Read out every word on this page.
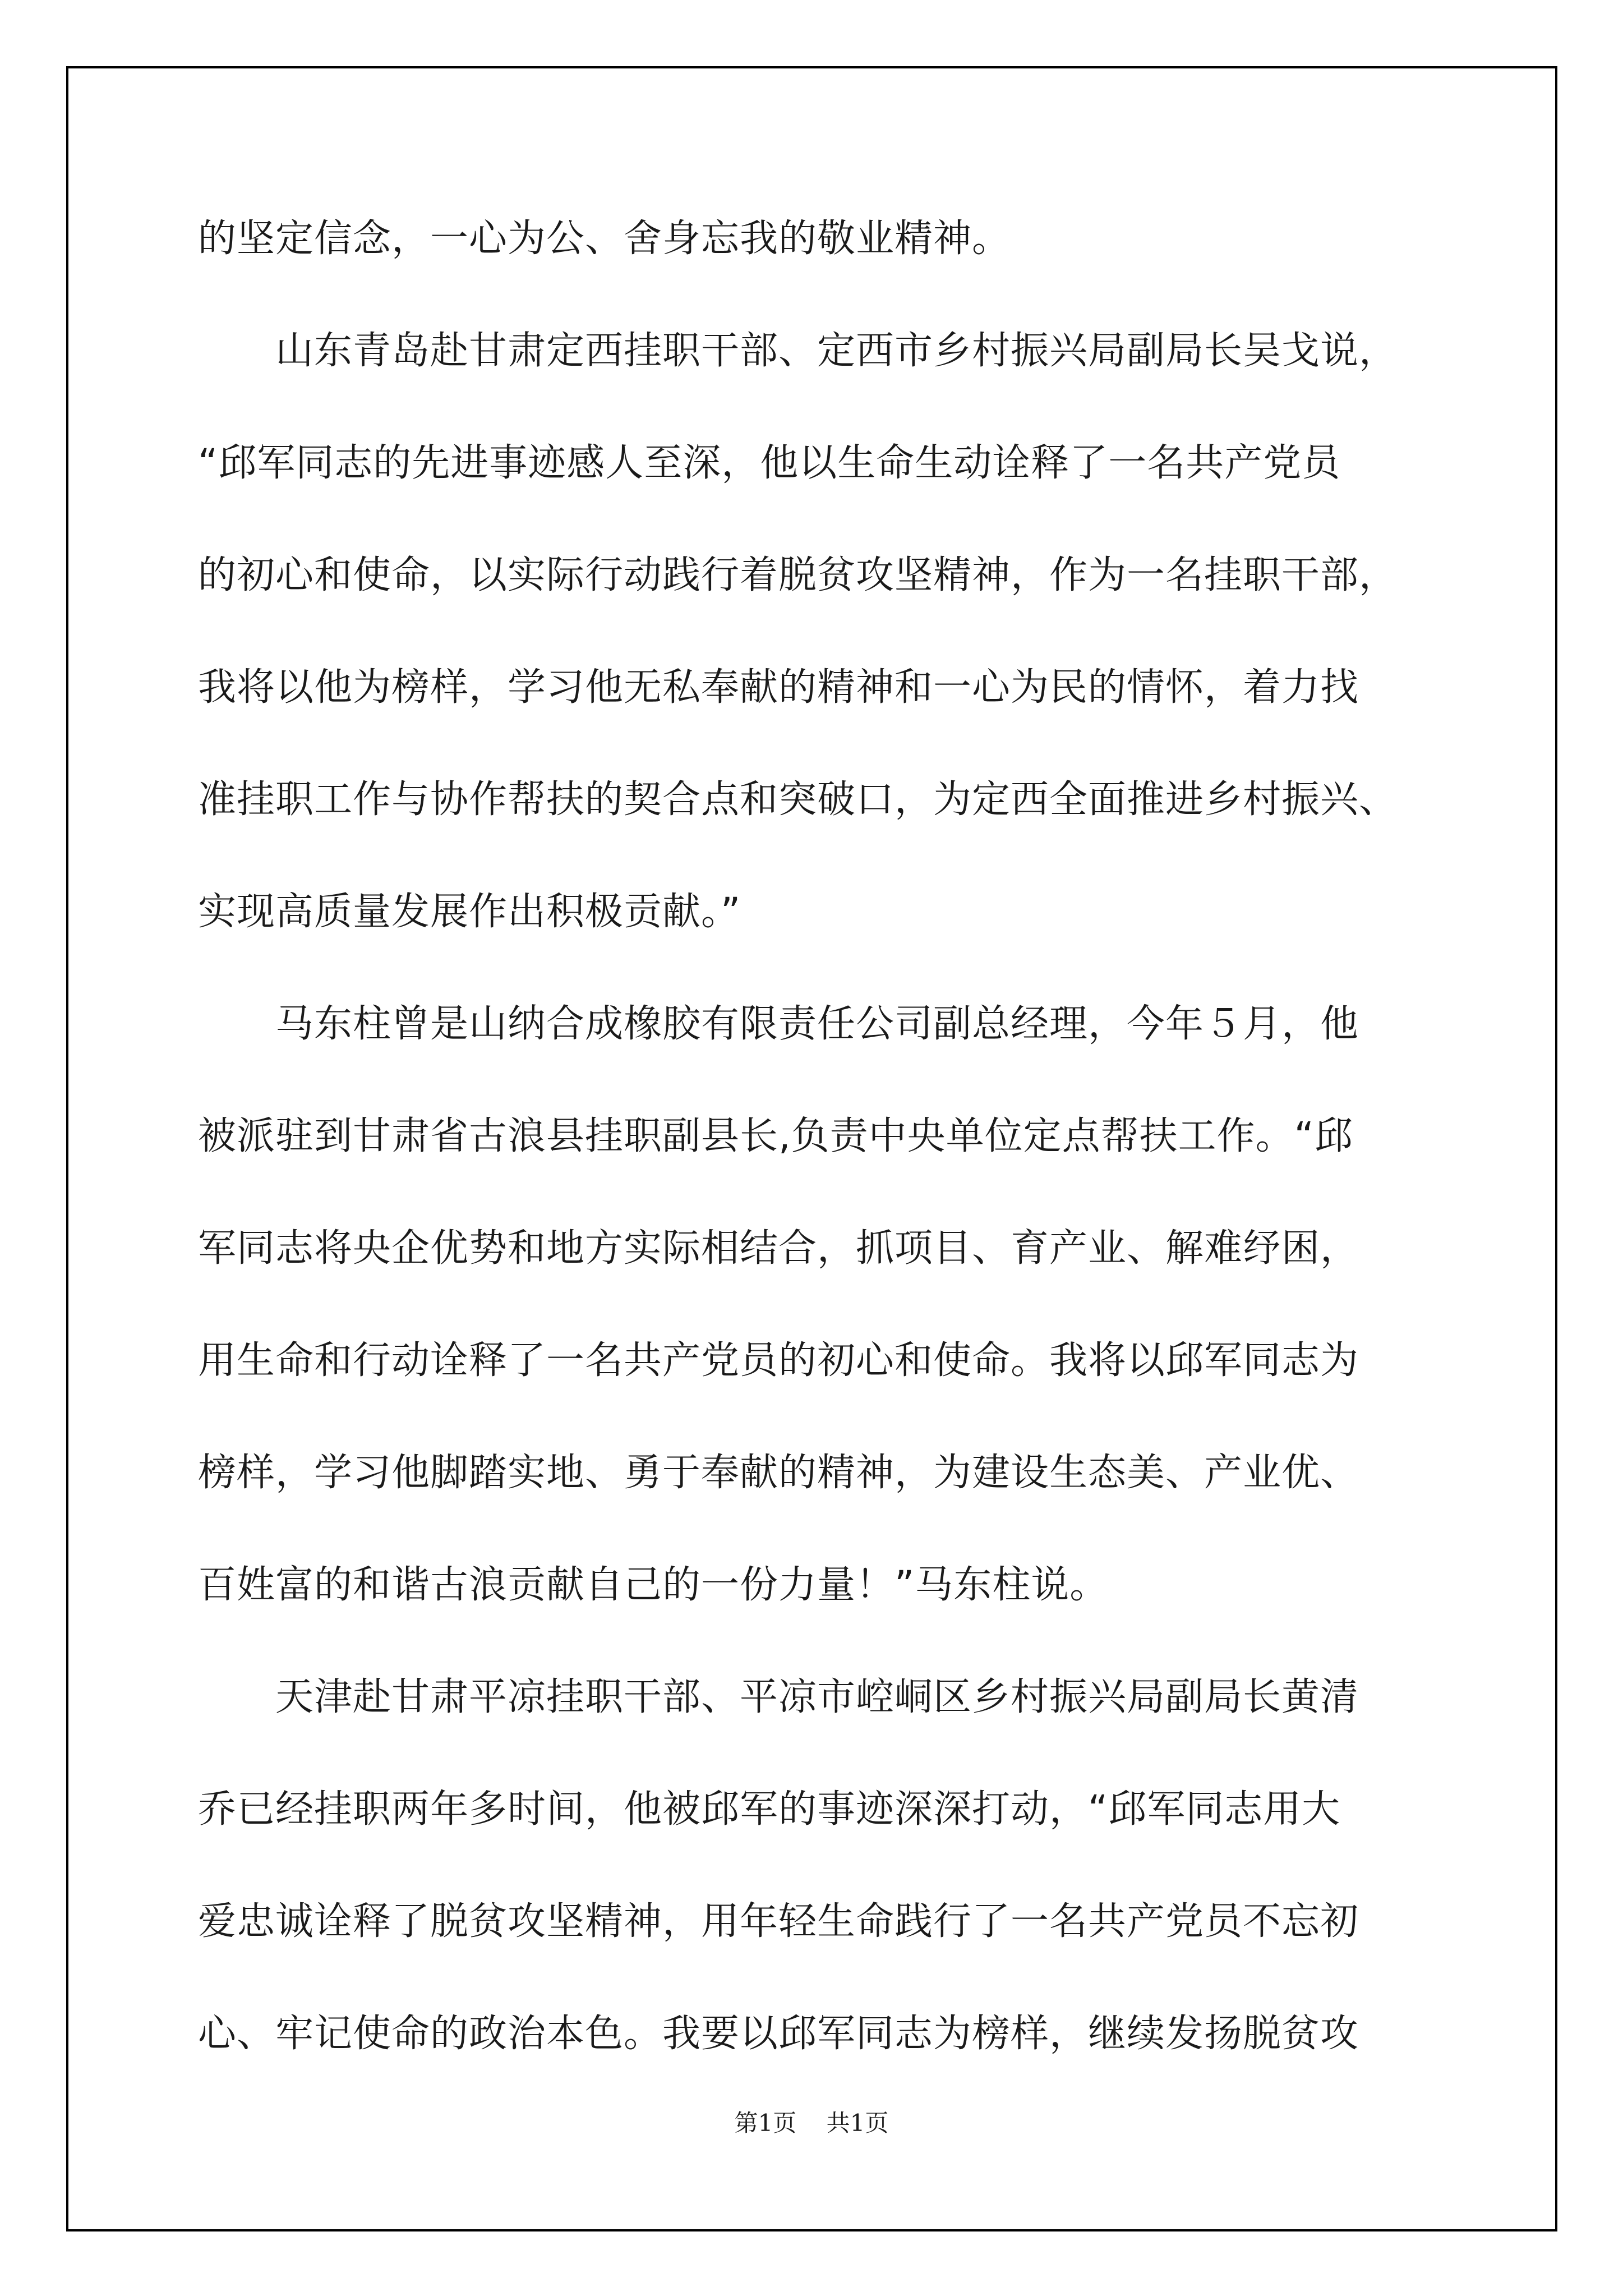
的坚定信念，一心为公、舍身忘我的敬业精神。

　　山东青岛赴甘肃定西挂职干部、定西市乡村振兴局副局长吴戈说，

“邱军同志的先进事迹感人至深，他以生命生动诠释了一名共产党员

的初心和使命，以实际行动践行着脱贫攻坚精神，作为一名挂职干部，

我将以他为榜样，学习他无私奉献的精神和一心为民的情怀，着力找

准挂职工作与协作帮扶的契合点和突破口，为定西全面推进乡村振兴、

实现高质量发展作出积极贡献。”

　　马东柱曾是山纳合成橡胶有限责任公司副总经理，今年５月，他

被派驻到甘肃省古浪县挂职副县长,负责中央单位定点帮扶工作。“邱

军同志将央企优势和地方实际相结合，抓项目、育产业、解难纾困，

用生命和行动诠释了一名共产党员的初心和使命。我将以邱军同志为

榜样，学习他脚踏实地、勇于奉献的精神，为建设生态美、产业优、

百姓富的和谐古浪贡献自己的一份力量！”马东柱说。

　　天津赴甘肃平凉挂职干部、平凉市崆峒区乡村振兴局副局长黄清

乔已经挂职两年多时间，他被邱军的事迹深深打动，“邱军同志用大

爱忠诚诠释了脱贫攻坚精神，用年轻生命践行了一名共产党员不忘初

心、牢记使命的政治本色。我要以邱军同志为榜样，继续发扬脱贫攻

第1页    共1页
